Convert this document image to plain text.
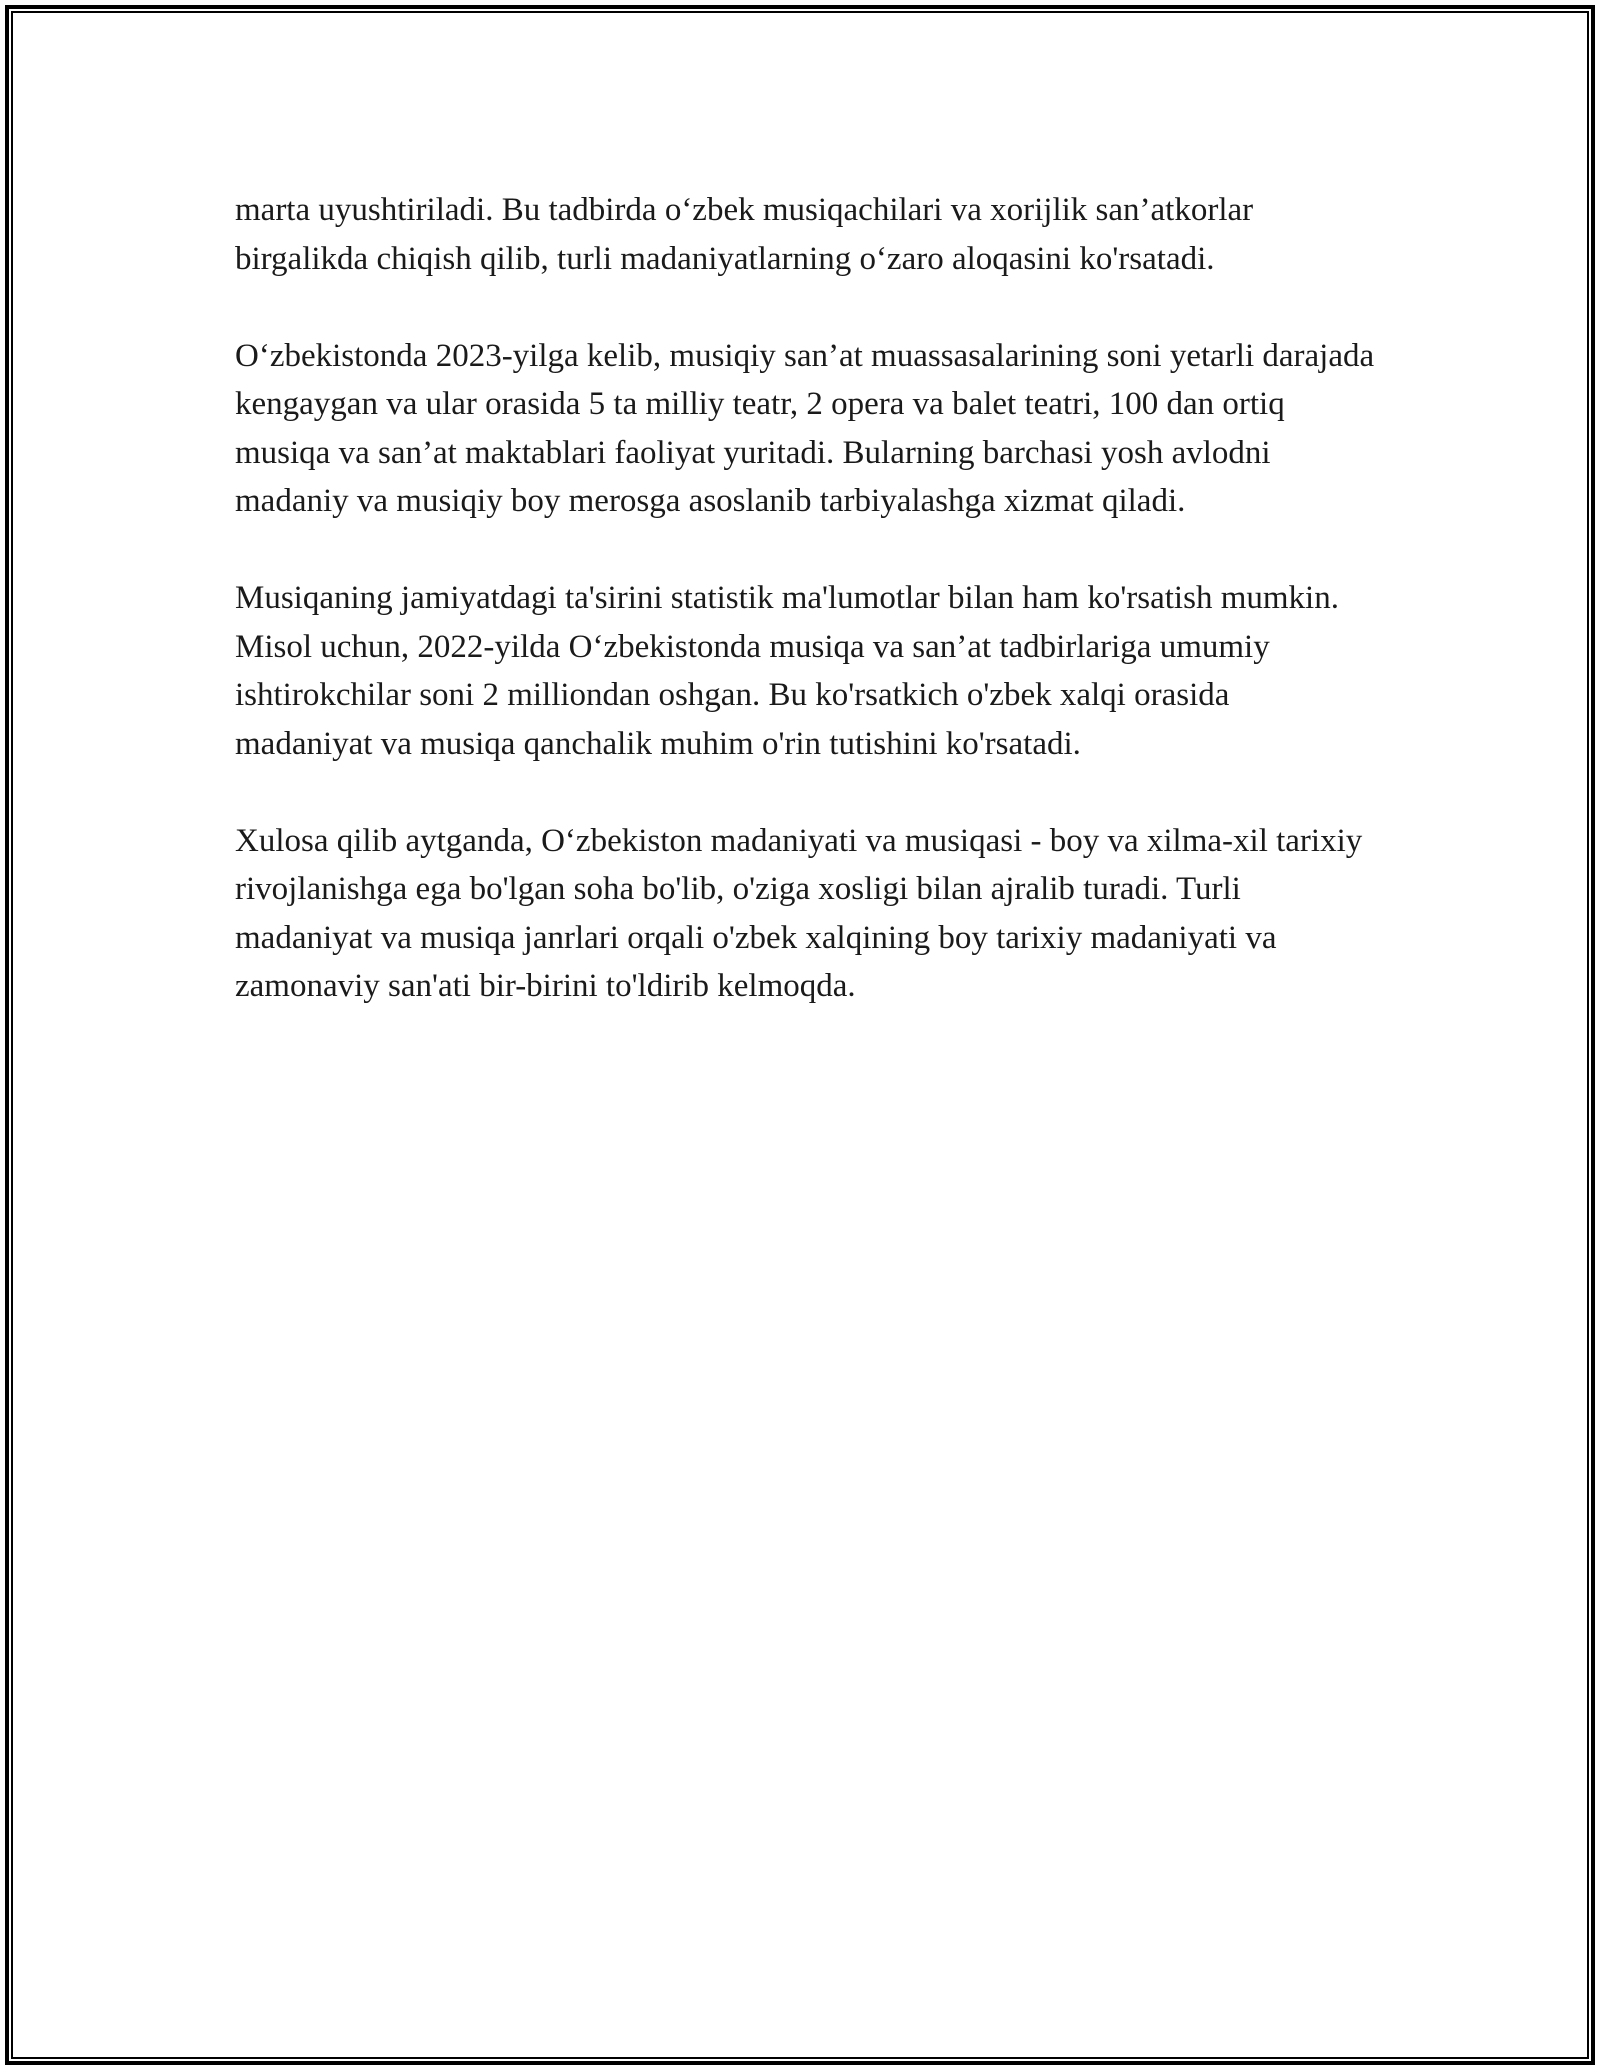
marta uyushtiriladi. Bu tadbirda o‘zbek musiqachilari va xorijlik san’atkorlar birgalikda chiqish qilib, turli madaniyatlarning o‘zaro aloqasini ko'rsatadi.

O‘zbekistonda 2023-yilga kelib, musiqiy san’at muassasalarining soni yetarli darajada kengaygan va ular orasida 5 ta milliy teatr, 2 opera va balet teatri, 100 dan ortiq musiqa va san’at maktablari faoliyat yuritadi. Bularning barchasi yosh avlodni madaniy va musiqiy boy merosga asoslanib tarbiyalashga xizmat qiladi.

Musiqaning jamiyatdagi ta'sirini statistik ma'lumotlar bilan ham ko'rsatish mumkin. Misol uchun, 2022-yilda O‘zbekistonda musiqa va san’at tadbirlariga umumiy ishtirokchilar soni 2 milliondan oshgan. Bu ko'rsatkich o'zbek xalqi orasida madaniyat va musiqa qanchalik muhim o'rin tutishini ko'rsatadi.

Xulosa qilib aytganda, O‘zbekiston madaniyati va musiqasi - boy va xilma-xil tarixiy rivojlanishga ega bo'lgan soha bo'lib, o'ziga xosligi bilan ajralib turadi. Turli madaniyat va musiqa janrlari orqali o'zbek xalqining boy tarixiy madaniyati va zamonaviy san'ati bir-birini to'ldirib kelmoqda.
